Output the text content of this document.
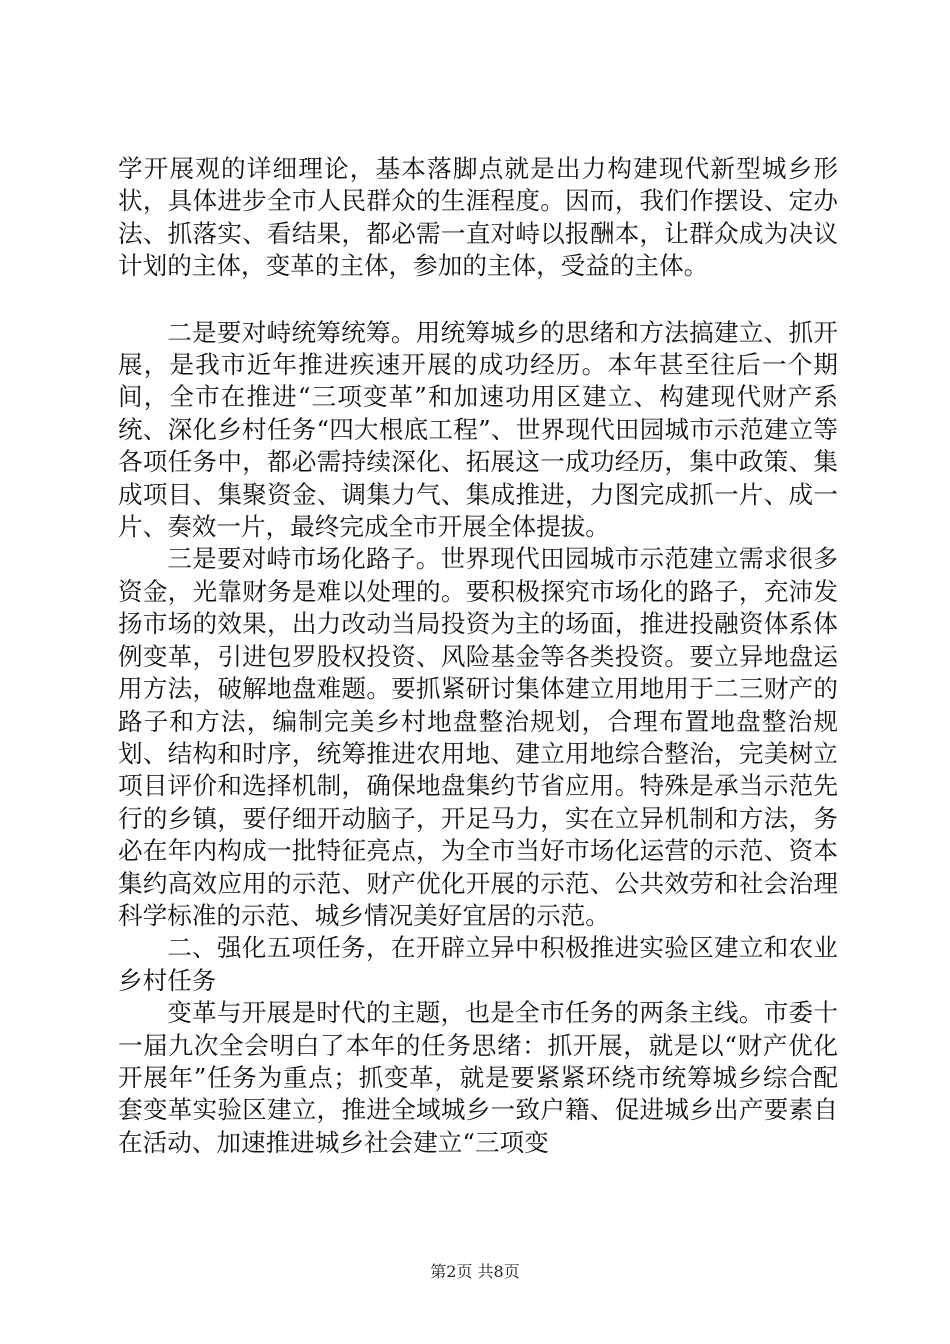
学开展观的详细理论，基本落脚点就是出力构建现代新型城乡形状，具体进步全市人民群众的生涯程度。因而，我们作摆设、定办法、抓落实、看结果，都必需一直对峙以报酬本，让群众成为决议计划的主体，变革的主体，参加的主体，受益的主体。

二是要对峙统筹统筹。用统筹城乡的思绪和方法搞建立、抓开展，是我市近年推进疾速开展的成功经历。本年甚至往后一个期间，全市在推进“三项变革”和加速功用区建立、构建现代财产系统、深化乡村任务“四大根底工程”、世界现代田园城市示范建立等各项任务中，都必需持续深化、拓展这一成功经历，集中政策、集成项目、集聚资金、调集力气、集成推进，力图完成抓一片、成一片、奏效一片，最终完成全市开展全体提拔。

三是要对峙市场化路子。世界现代田园城市示范建立需求很多资金，光靠财务是难以处理的。要积极探究市场化的路子，充沛发扬市场的效果，出力改动当局投资为主的场面，推进投融资体系体例变革，引进包罗股权投资、风险基金等各类投资。要立异地盘运用方法，破解地盘难题。要抓紧研讨集体建立用地用于二三财产的路子和方法，编制完美乡村地盘整治规划，合理布置地盘整治规划、结构和时序，统筹推进农用地、建立用地综合整治，完美树立项目评价和选择机制，确保地盘集约节省应用。特殊是承当示范先行的乡镇，要仔细开动脑子，开足马力，实在立异机制和方法，务必在年内构成一批特征亮点，为全市当好市场化运营的示范、资本集约高效应用的示范、财产优化开展的示范、公共效劳和社会治理科学标准的示范、城乡情况美好宜居的示范。

二、强化五项任务，在开辟立异中积极推进实验区建立和农业乡村任务

变革与开展是时代的主题，也是全市任务的两条主线。市委十一届九次全会明白了本年的任务思绪：抓开展，就是以“财产优化开展年”任务为重点；抓变革，就是要紧紧环绕市统筹城乡综合配套变革实验区建立，推进全域城乡一致户籍、促进城乡出产要素自在活动、加速推进城乡社会建立“三项变

第2页 共8页
